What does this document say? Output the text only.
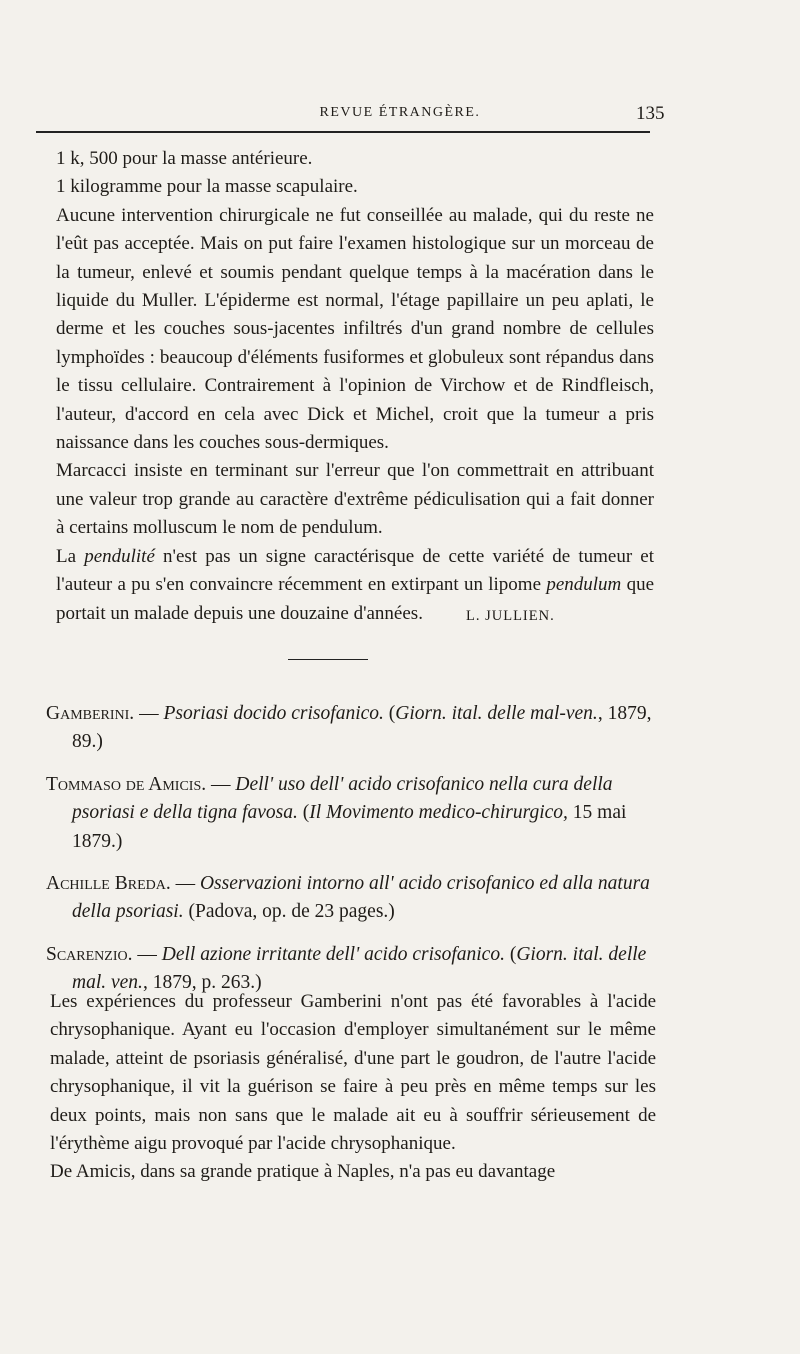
REVUE ÉTRANGÈRE.	135

1 k, 500 pour la masse antérieure.

1 kilogramme pour la masse scapulaire.

Aucune intervention chirurgicale ne fut conseillée au malade, qui du reste ne l'eût pas acceptée. Mais on put faire l'examen histologique sur un morceau de la tumeur, enlevé et soumis pendant quelque temps à la macération dans le liquide du Muller. L'épiderme est normal, l'étage papillaire un peu aplati, le derme et les couches sous-jacentes infiltrés d'un grand nombre de cellules lymphoïdes : beaucoup d'éléments fusiformes et globuleux sont répandus dans le tissu cellulaire. Contrairement à l'opinion de Virchow et de Rindfleisch, l'auteur, d'accord en cela avec Dick et Michel, croit que la tumeur a pris naissance dans les couches sous-dermiques.

Marcacci insiste en terminant sur l'erreur que l'on commettrait en attribuant une valeur trop grande au caractère d'extrême pédiculisation qui a fait donner à certains molluscum le nom de pendulum.

La pendulité n'est pas un signe caractérisque de cette variété de tumeur et l'auteur a pu s'en convaincre récemment en extirpant un lipome pendulum que portait un malade depuis une douzaine d'années.	L. JULLIEN.

Gamberini. — Psoriasi docido crisofanico. (Giorn. ital. delle mal-ven., 1879, 89.)

Tommaso de Amicis. — Dell' uso dell' acido crisofanico nella cura della psoriasi e della tigna favosa. (Il Movimento medico-chirurgico, 15 mai 1879.)

Achille Breda. — Osservazioni intorno all' acido crisofanico ed alla natura della psoriasi. (Padova, op. de 23 pages.)

Scarenzio. — Dell azione irritante dell' acido crisofanico. (Giorn. ital. delle mal. ven., 1879, p. 263.)

Les expériences du professeur Gamberini n'ont pas été favorables à l'acide chrysophanique. Ayant eu l'occasion d'employer simultanément sur le même malade, atteint de psoriasis généralisé, d'une part le goudron, de l'autre l'acide chrysophanique, il vit la guérison se faire à peu près en même temps sur les deux points, mais non sans que le malade ait eu à souffrir sérieusement de l'érythème aigu provoqué par l'acide chrysophanique.

De Amicis, dans sa grande pratique à Naples, n'a pas eu davantage
